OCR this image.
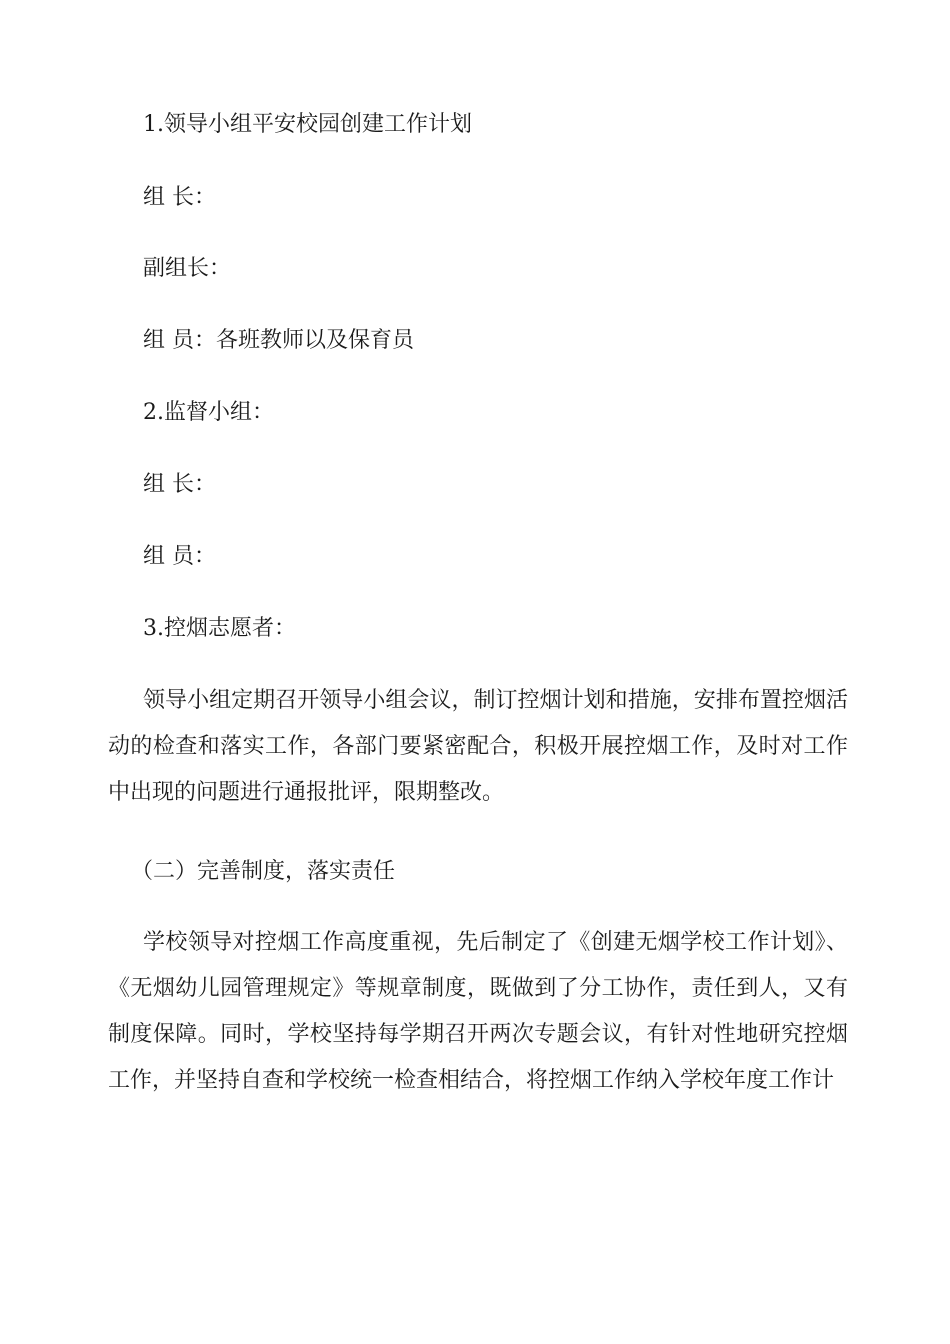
1.领导小组平安校园创建工作计划
组 长：
副组长：
组 员：各班教师以及保育员
2.监督小组：
组 长：
组 员：
3.控烟志愿者：

领导小组定期召开领导小组会议，制订控烟计划和措施，安排布置控烟活动的检查和落实工作，各部门要紧密配合，积极开展控烟工作，及时对工作中出现的问题进行通报批评，限期整改。

（二）完善制度，落实责任

学校领导对控烟工作高度重视，先后制定了《创建无烟学校工作计划》、《无烟幼儿园管理规定》等规章制度，既做到了分工协作，责任到人，又有制度保障。同时，学校坚持每学期召开两次专题会议，有针对性地研究控烟工作，并坚持自查和学校统一检查相结合，将控烟工作纳入学校年度工作计
